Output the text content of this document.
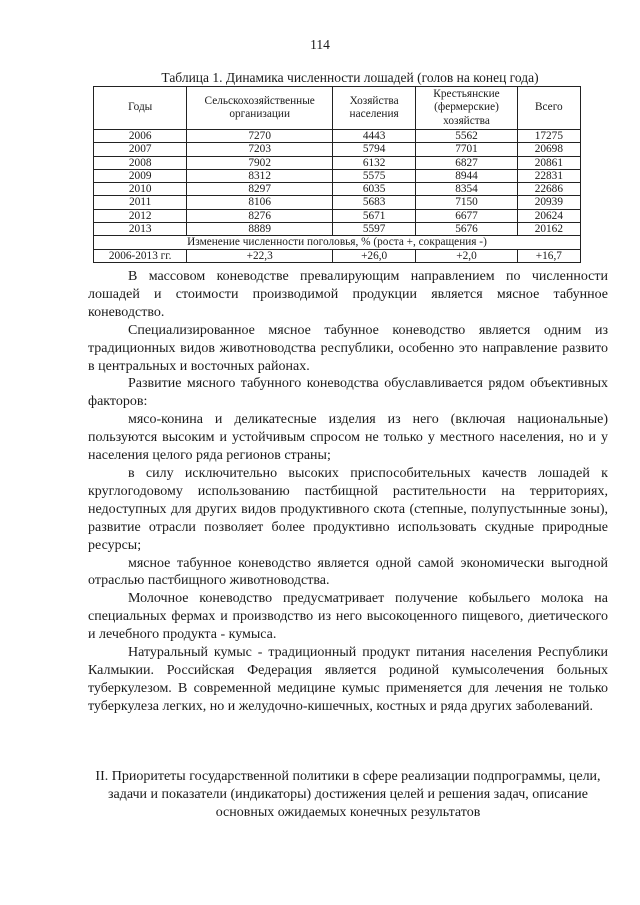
114
Таблица 1. Динамика численности лошадей (голов на конец года)
Годы	Сельскохозяйственные организации	Хозяйства населения	Крестьянские (фермерские) хозяйства	Всего
2006	7270	4443	5562	17275
2007	7203	5794	7701	20698
2008	7902	6132	6827	20861
2009	8312	5575	8944	22831
2010	8297	6035	8354	22686
2011	8106	5683	7150	20939
2012	8276	5671	6677	20624
2013	8889	5597	5676	20162
Изменение численности поголовья, % (роста +, сокращения -)				
2006-2013 гг.	+22,3	+26,0	+2,0	+16,7

В массовом коневодстве превалирующим направлением по численности лошадей и стоимости производимой продукции является мясное табунное коневодство.

Специализированное мясное табунное коневодство является одним из традиционных видов животноводства республики, особенно это направление развито в центральных и восточных районах.

Развитие мясного табунного коневодства обуславливается рядом объективных факторов:

мясо-конина и деликатесные изделия из него (включая национальные) пользуются высоким и устойчивым спросом не только у местного населения, но и у населения целого ряда регионов страны;

в силу исключительно высоких приспособительных качеств лошадей к круглогодовому использованию пастбищной растительности на территориях, недоступных для других видов продуктивного скота (степные, полупустынные зоны), развитие отрасли позволяет более продуктивно использовать скудные природные ресурсы;

мясное табунное коневодство является одной самой экономически выгодной отраслью пастбищного животноводства.

Молочное коневодство предусматривает получение кобыльего молока на специальных фермах и производство из него высокоценного пищевого, диетического и лечебного продукта - кумыса.

Натуральный кумыс - традиционный продукт питания населения Республики Калмыкии. Российская Федерация является родиной кумысолечения больных туберкулезом. В современной медицине кумыс применяется для лечения не только туберкулеза легких, но и желудочно-кишечных, костных и ряда других заболеваний.

II. Приоритеты государственной политики в сфере реализации подпрограммы, цели, задачи и показатели (индикаторы) достижения целей и решения задач, описание основных ожидаемых конечных результатов
